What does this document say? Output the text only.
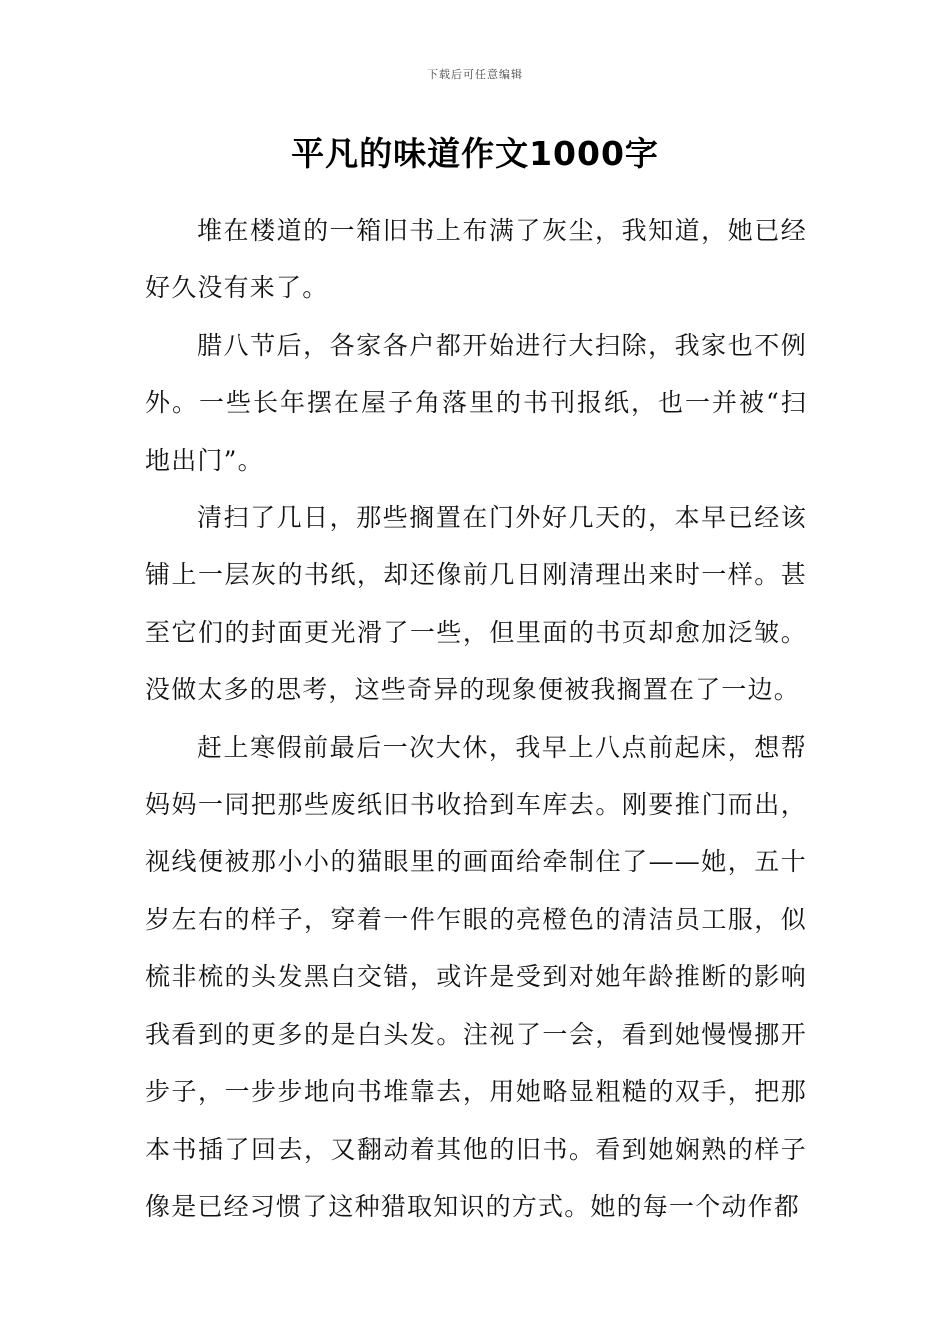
下载后可任意编辑
平凡的味道作文1000字

堆在楼道的一箱旧书上布满了灰尘，我知道，她已经好久没有来了。

腊八节后，各家各户都开始进行大扫除，我家也不例外。一些长年摆在屋子角落里的书刊报纸，也一并被“扫地出门”。

清扫了几日，那些搁置在门外好几天的，本早已经该铺上一层灰的书纸，却还像前几日刚清理出来时一样。甚至它们的封面更光滑了一些，但里面的书页却愈加泛皱。没做太多的思考，这些奇异的现象便被我搁置在了一边。

赶上寒假前最后一次大休，我早上八点前起床，想帮妈妈一同把那些废纸旧书收拾到车库去。刚要推门而出，视线便被那小小的猫眼里的画面给牵制住了——她，五十岁左右的样子，穿着一件乍眼的亮橙色的清洁员工服，似梳非梳的头发黑白交错，或许是受到对她年龄推断的影响我看到的更多的是白头发。注视了一会，看到她慢慢挪开步子，一步步地向书堆靠去，用她略显粗糙的双手，把那本书插了回去，又翻动着其他的旧书。看到她娴熟的样子像是已经习惯了这种猎取知识的方式。她的每一个动作都
